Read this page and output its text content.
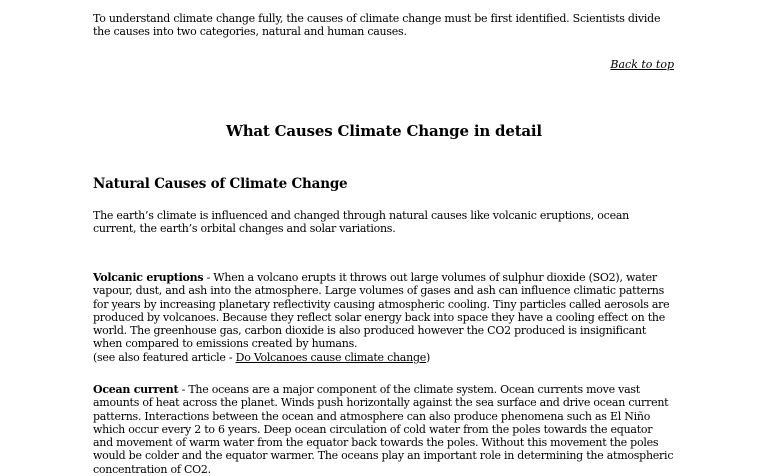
To understand climate change fully, the causes of climate change must be first identified. Scientists divide the causes into two categories, natural and human causes.

Back to top
What Causes Climate Change in detail
Natural Causes of Climate Change

The earth’s climate is influenced and changed through natural causes like volcanic eruptions, ocean current, the earth’s orbital changes and solar variations.

Volcanic eruptions - When a volcano erupts it throws out large volumes of sulphur dioxide (SO2), water vapour, dust, and ash into the atmosphere. Large volumes of gases and ash can influence climatic patterns for years by increasing planetary reflectivity causing atmospheric cooling. Tiny particles called aerosols are produced by volcanoes. Because they reflect solar energy back into space they have a cooling effect on the world. The greenhouse gas, carbon dioxide is also produced however the CO2 produced is insignificant when compared to emissions created by humans.
(see also featured article - Do Volcanoes cause climate change)

Ocean current - The oceans are a major component of the climate system. Ocean currents move vast amounts of heat across the planet. Winds push horizontally against the sea surface and drive ocean current patterns. Interactions between the ocean and atmosphere can also produce phenomena such as El Niño which occur every 2 to 6 years. Deep ocean circulation of cold water from the poles towards the equator and movement of warm water from the equator back towards the poles. Without this movement the poles would be colder and the equator warmer. The oceans play an important role in determining the atmospheric concentration of CO2.
